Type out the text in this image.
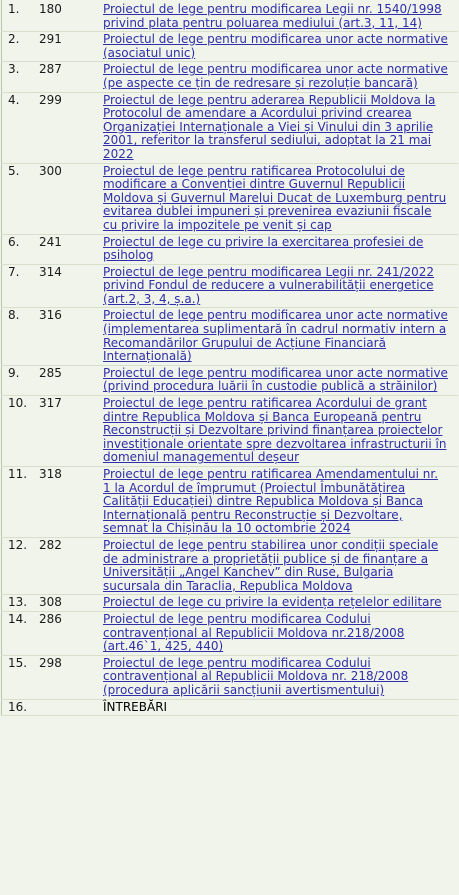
1.	180	Proiectul de lege pentru modificarea Legii nr. 1540/1998 privind plata pentru poluarea mediului (art.3, 11, 14)
2.	291	Proiectul de lege pentru modificarea unor acte normative (asociatul unic)
3.	287	Proiectul de lege pentru modificarea unor acte normative (pe aspecte ce țin de redresare și rezoluție bancară)
4.	299	Proiectul de lege pentru aderarea Republicii Moldova la Protocolul de amendare a Acordului privind crearea Organizației Internaționale a Viei și Vinului din 3 aprilie 2001, referitor la transferul sediului, adoptat la 21 mai 2022
5.	300	Proiectul de lege pentru ratificarea Protocolului de modificare a Convenției dintre Guvernul Republicii Moldova și Guvernul Marelui Ducat de Luxemburg pentru evitarea dublei impuneri și prevenirea evaziunii fiscale cu privire la impozitele pe venit și cap
6.	241	Proiectul de lege cu privire la exercitarea profesiei de psiholog
7.	314	Proiectul de lege pentru modificarea Legii nr. 241/2022 privind Fondul de reducere a vulnerabilității energetice (art.2, 3, 4, ș.a.)
8.	316	Proiectul de lege pentru modificarea unor acte normative (implementarea suplimentară în cadrul normativ intern a Recomandărilor Grupului de Acțiune Financiară Internațională)
9.	285	Proiectul de lege pentru modificarea unor acte normative (privind procedura luării în custodie publică a străinilor)
10.	317	Proiectul de lege pentru ratificarea Acordului de grant dintre Republica Moldova și Banca Europeană pentru Reconstrucții și Dezvoltare privind finanțarea proiectelor investiționale orientate spre dezvoltarea infrastructurii în domeniul managementul deșeur
11.	318	Proiectul de lege pentru ratificarea Amendamentului nr. 1 la Acordul de împrumut (Proiectul Îmbunătățirea Calității Educației) dintre Republica Moldova și Banca Internațională pentru Reconstrucție și Dezvoltare, semnat la Chișinău la 10 octombrie 2024
12.	282	Proiectul de lege pentru stabilirea unor condiții speciale de administrare a proprietății publice și de finanțare a Universității „Angel Kanchev” din Ruse, Bulgaria sucursala din Taraclia, Republica Moldova
13.	308	Proiectul de lege cu privire la evidența rețelelor edilitare
14.	286	Proiectul de lege pentru modificarea Codului contravențional al Republicii Moldova nr.218/2008 (art.46`1, 425, 440)
15.	298	Proiectul de lege pentru modificarea Codului contravențional al Republicii Moldova nr. 218/2008 (procedura aplicării sancțiunii avertismentului)
16.		ÎNTREBĂRI
